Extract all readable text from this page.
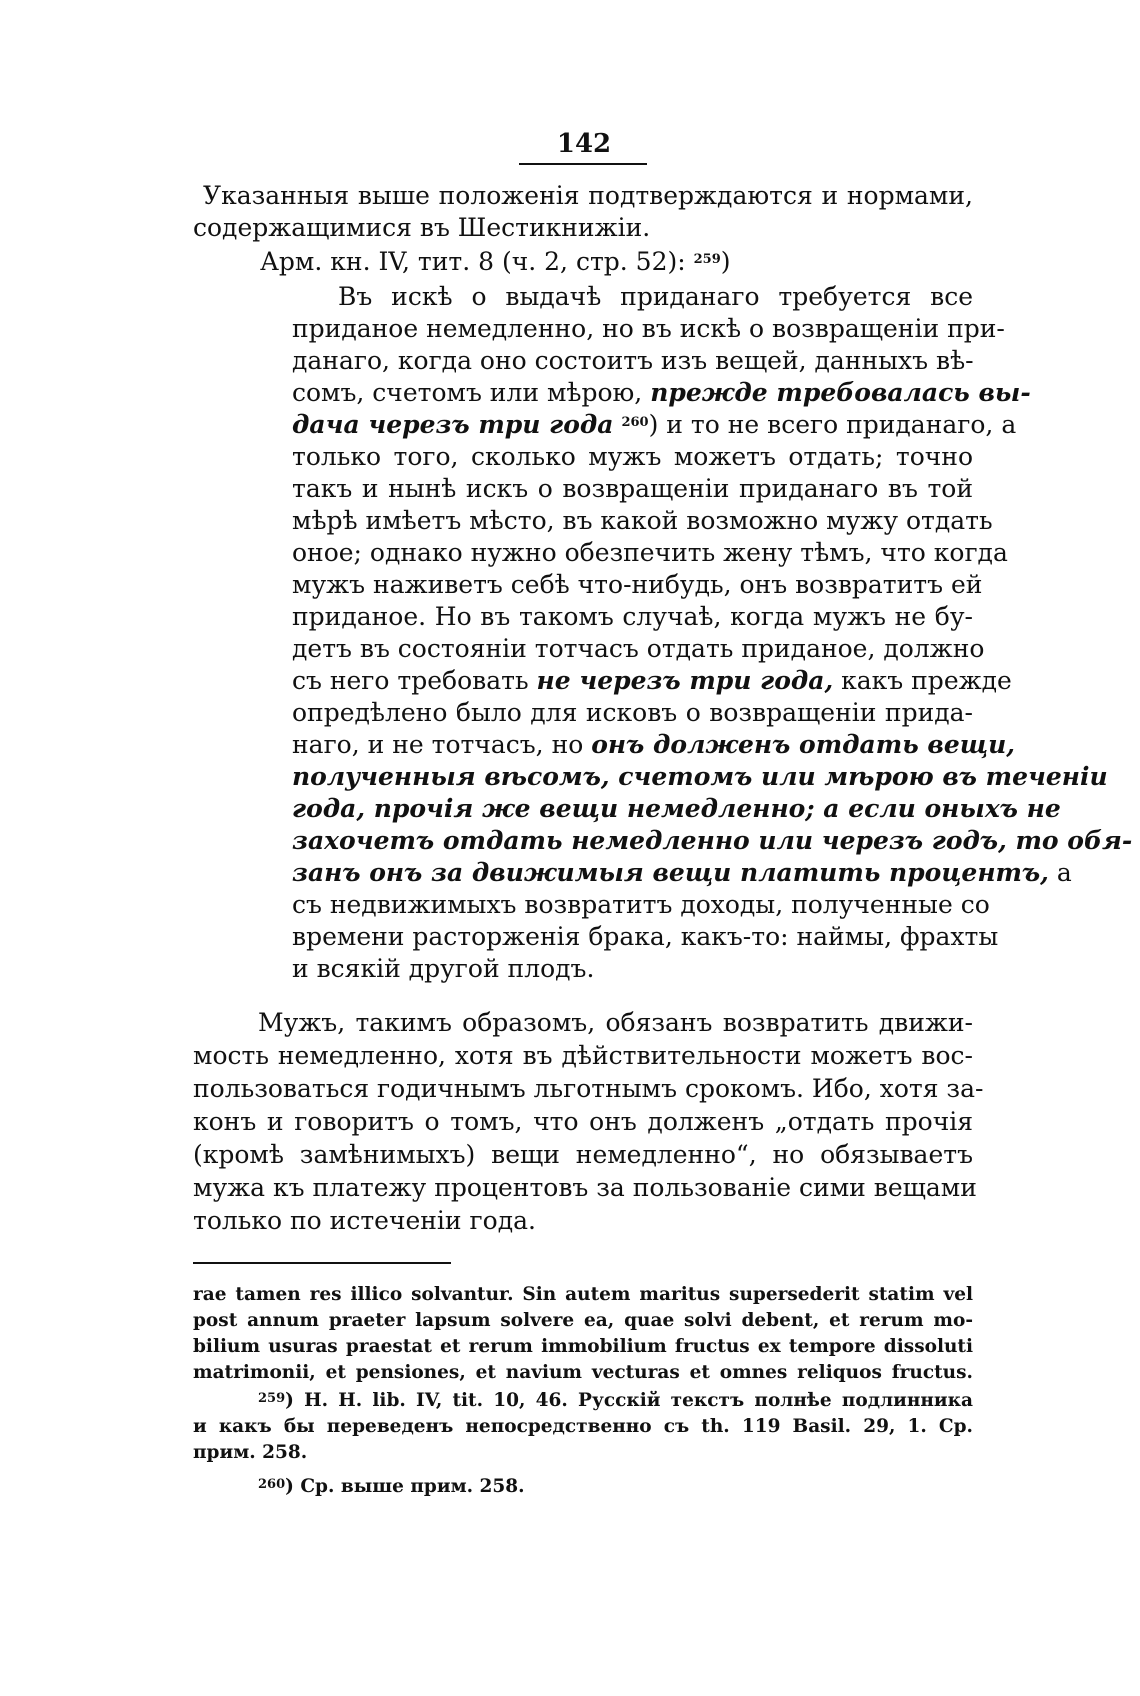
142
Указанныя выше положенія подтверждаются и нормами,
содержащимися въ Шестикнижіи.
Арм. кн. IV, тит. 8 (ч. 2, стр. 52): $^{259}$)
Въ искѣ о выдачѣ приданаго требуется все
приданое немедленно, но въ искѣ о возвращеніи при-
данаго, когда оно состоитъ изъ вещей, данныхъ вѣ-
сомъ, счетомъ или мѣрою, прежде требовалась вы-
дача черезъ три года $^{260}$) и то не всего приданаго, а
только того, сколько мужъ можетъ отдать; точно
такъ и нынѣ искъ о возвращеніи приданаго въ той
мѣрѣ имѣетъ мѣсто, въ какой возможно мужу отдать
оное; однако нужно обезпечить жену тѣмъ, что когда
мужъ наживетъ себѣ что-нибудь, онъ возвратитъ ей
приданое. Но въ такомъ случаѣ, когда мужъ не бу-
детъ въ состояніи тотчасъ отдать приданое, должно
съ него требовать не черезъ три года, какъ прежде
опредѣлено было для исковъ о возвращеніи прида-
наго, и не тотчасъ, но онъ долженъ отдать вещи,
полученныя вѣсомъ, счетомъ или мѣрою въ теченіи
года, прочія же вещи немедленно; а если оныхъ не
захочетъ отдать немедленно или черезъ годъ, то обя-
занъ онъ за движимыя вещи платить процентъ, а
съ недвижимыхъ возвратитъ доходы, полученные со
времени расторженія брака, какъ-то: наймы, фрахты
и всякій другой плодъ.
Мужъ, такимъ образомъ, обязанъ возвратить движи-
мость немедленно, хотя въ дѣйствительности можетъ вос-
пользоваться годичнымъ льготнымъ срокомъ. Ибо, хотя за-
конъ и говоритъ о томъ, что онъ долженъ „отдать прочія
(кромѣ замѣнимыхъ) вещи немедленно“, но обязываетъ
мужа къ платежу процентовъ за пользованіе сими вещами
только по истеченіи года.
rae tamen res illico solvantur. Sin autem maritus supersederit statim vel
post annum praeter lapsum solvere ea, quae solvi debent, et rerum mo-
bilium usuras praestat et rerum immobilium fructus ex tempore dissoluti
matrimonii, et pensiones, et navium vecturas et omnes reliquos fructus.
$^{259}$) Н. Н. lib. IV, tit. 10, 46. Русскій текстъ полнѣе подлинника
и какъ бы переведенъ непосредственно съ th. 119 Basil. 29, 1. Ср.
прим. 258.
$^{260}$) Ср. выше прим. 258.
